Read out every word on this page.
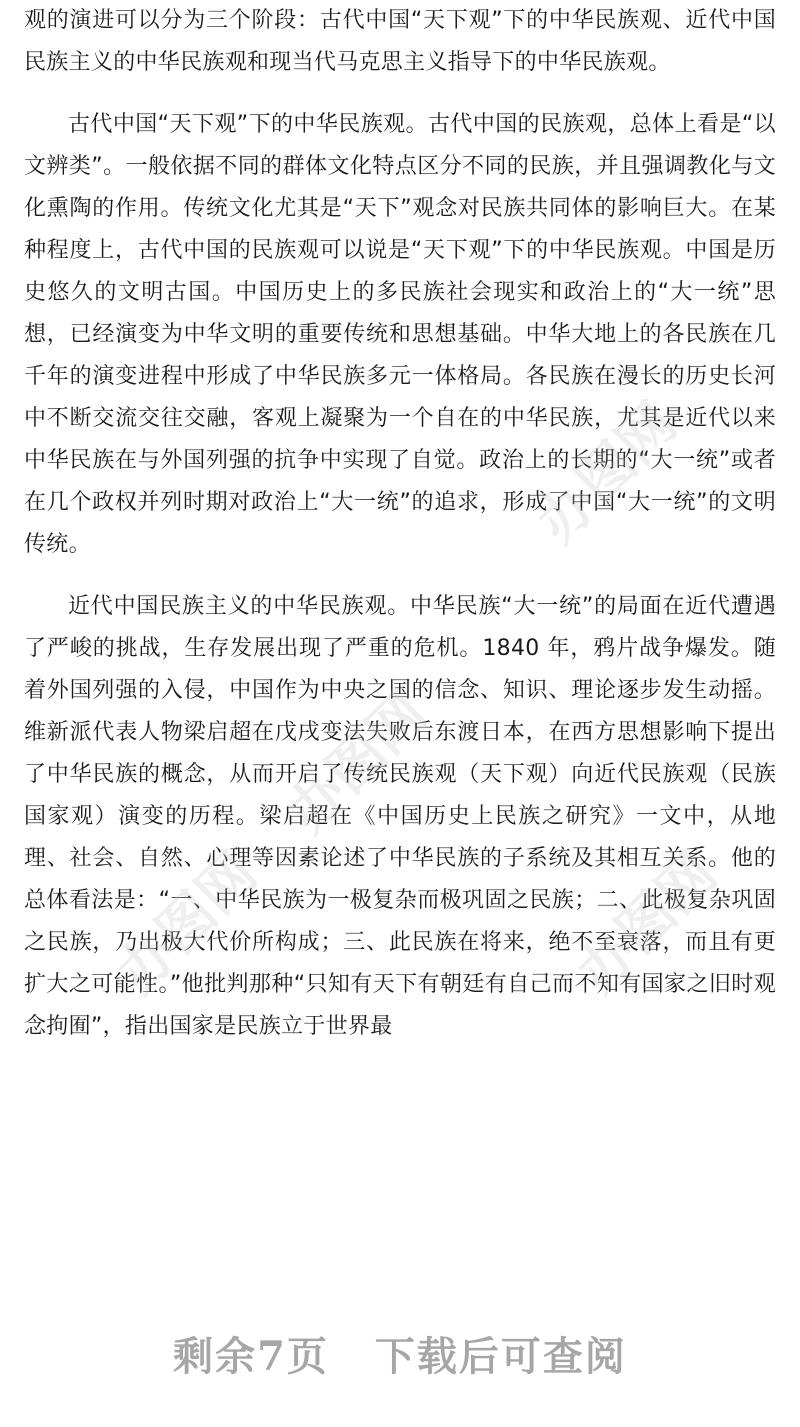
观的演进可以分为三个阶段：古代中国“天下观”下的中华民族观、近代中国民族主义的中华民族观和现当代马克思主义指导下的中华民族观。

古代中国“天下观”下的中华民族观。古代中国的民族观，总体上看是“以文辨类”。一般依据不同的群体文化特点区分不同的民族，并且强调教化与文化熏陶的作用。传统文化尤其是“天下”观念对民族共同体的影响巨大。在某种程度上，古代中国的民族观可以说是“天下观”下的中华民族观。中国是历史悠久的文明古国。中国历史上的多民族社会现实和政治上的“大一统”思想，已经演变为中华文明的重要传统和思想基础。中华大地上的各民族在几千年的演变进程中形成了中华民族多元一体格局。各民族在漫长的历史长河中不断交流交往交融，客观上凝聚为一个自在的中华民族，尤其是近代以来中华民族在与外国列强的抗争中实现了自觉。政治上的长期的“大一统”或者在几个政权并列时期对政治上“大一统”的追求，形成了中国“大一统”的文明传统。

近代中国民族主义的中华民族观。中华民族“大一统”的局面在近代遭遇了严峻的挑战，生存发展出现了严重的危机。1840 年，鸦片战争爆发。随着外国列强的入侵，中国作为中央之国的信念、知识、理论逐步发生动摇。维新派代表人物梁启超在戊戌变法失败后东渡日本，在西方思想影响下提出了中华民族的概念，从而开启了传统民族观（天下观）向近代民族观（民族国家观）演变的历程。梁启超在《中国历史上民族之研究》一文中，从地理、社会、自然、心理等因素论述了中华民族的子系统及其相互关系。他的总体看法是：“一、中华民族为一极复杂而极巩固之民族；二、此极复杂巩固之民族，乃出极大代价所构成；三、此民族在将来，绝不至衰落，而且有更扩大之可能性。”他批判那种“只知有天下有朝廷有自己而不知有国家之旧时观念拘囿”，指出国家是民族立于世界最

办图网
办图网
办图网
办图网
剩余7页 下载后可查阅
